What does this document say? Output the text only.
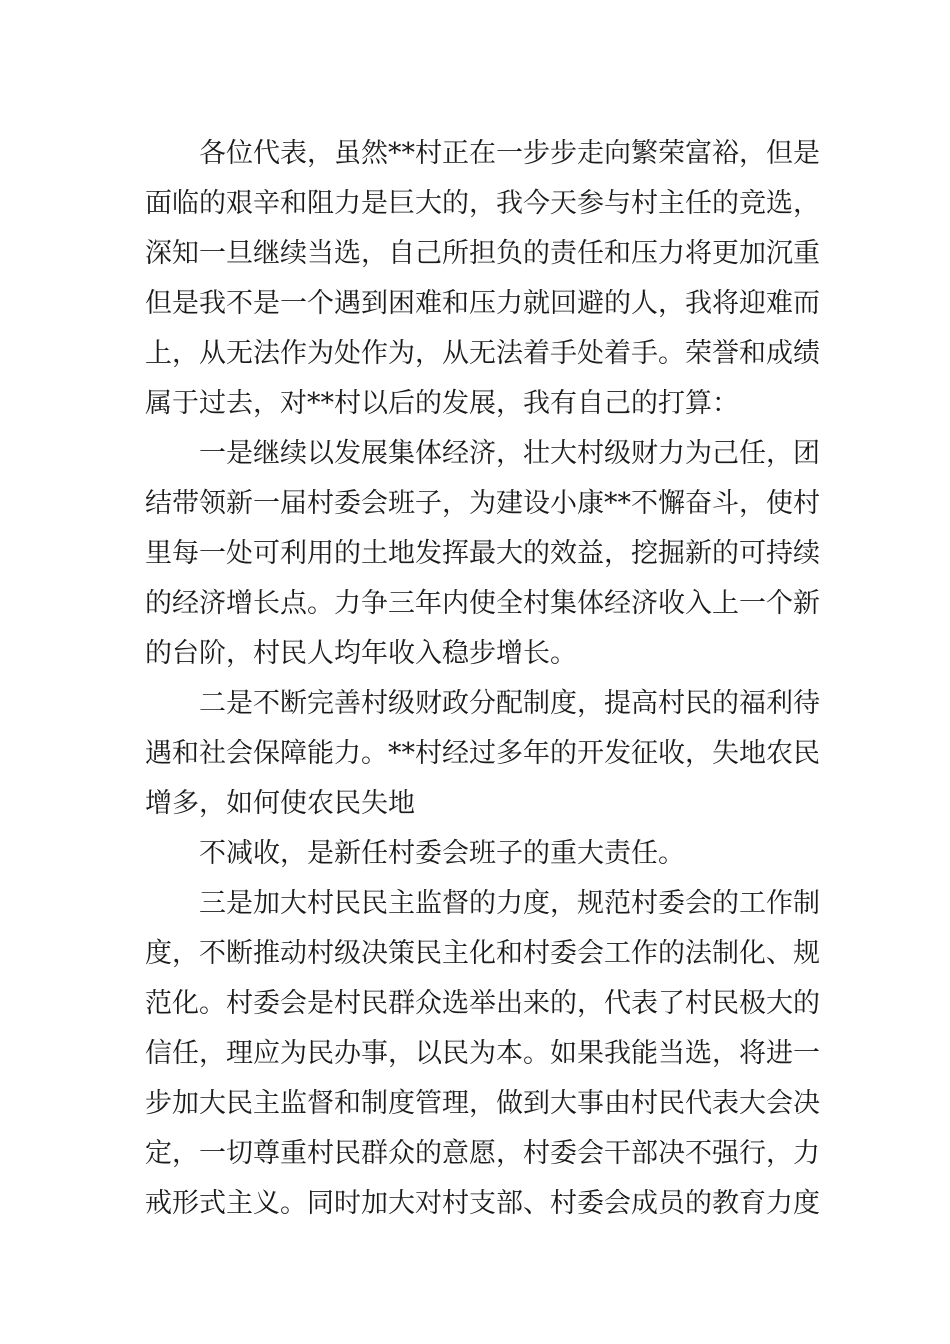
各位代表，虽然**村正在一步步走向繁荣富裕，但是

面临的艰辛和阻力是巨大的，我今天参与村主任的竞选，

深知一旦继续当选，自己所担负的责任和压力将更加沉重

但是我不是一个遇到困难和压力就回避的人，我将迎难而

上，从无法作为处作为，从无法着手处着手。荣誉和成绩

属于过去，对**村以后的发展，我有自己的打算：

一是继续以发展集体经济，壮大村级财力为己任，团

结带领新一届村委会班子，为建设小康**不懈奋斗，使村

里每一处可利用的土地发挥最大的效益，挖掘新的可持续

的经济增长点。力争三年内使全村集体经济收入上一个新

的台阶，村民人均年收入稳步增长。

二是不断完善村级财政分配制度，提高村民的福利待

遇和社会保障能力。**村经过多年的开发征收，失地农民

增多，如何使农民失地

不减收，是新任村委会班子的重大责任。

三是加大村民民主监督的力度，规范村委会的工作制

度，不断推动村级决策民主化和村委会工作的法制化、规

范化。村委会是村民群众选举出来的，代表了村民极大的

信任，理应为民办事，以民为本。如果我能当选，将进一

步加大民主监督和制度管理，做到大事由村民代表大会决

定，一切尊重村民群众的意愿，村委会干部决不强行，力

戒形式主义。同时加大对村支部、村委会成员的教育力度
